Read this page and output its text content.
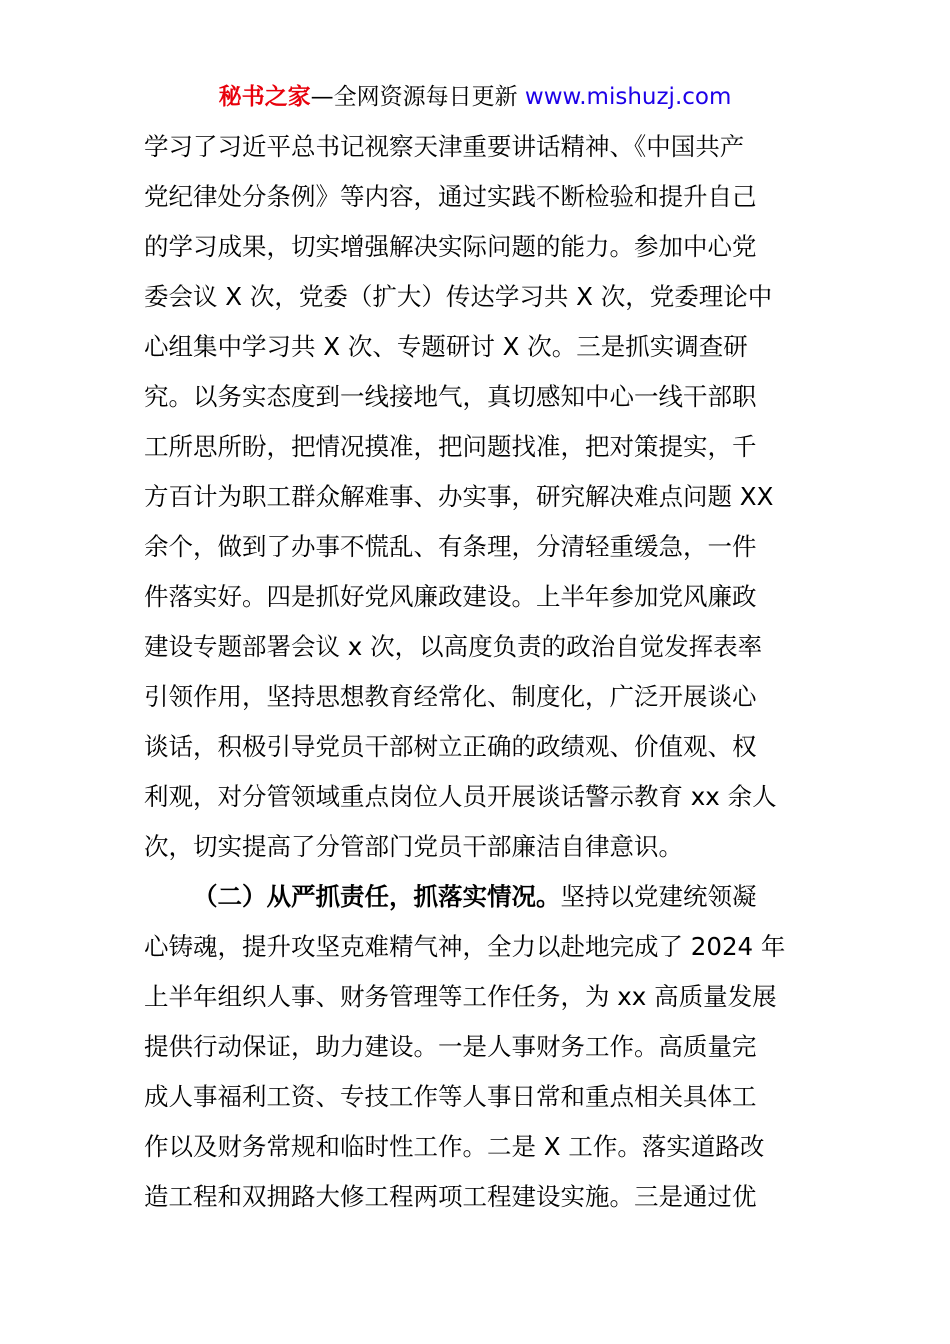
秘书之家—全网资源每日更新 www.mishuzj.com
学习了习近平总书记视察天津重要讲话精神、《中国共产
党纪律处分条例》等内容，通过实践不断检验和提升自己
的学习成果，切实增强解决实际问题的能力。参加中心党
委会议 X 次，党委（扩大）传达学习共 X 次，党委理论中
心组集中学习共 X 次、专题研讨 X 次。三是抓实调查研
究。以务实态度到一线接地气，真切感知中心一线干部职
工所思所盼，把情况摸准，把问题找准，把对策提实，千
方百计为职工群众解难事、办实事，研究解决难点问题 XX
余个，做到了办事不慌乱、有条理，分清轻重缓急，一件
件落实好。四是抓好党风廉政建设。上半年参加党风廉政
建设专题部署会议 x 次，以高度负责的政治自觉发挥表率
引领作用，坚持思想教育经常化、制度化，广泛开展谈心
谈话，积极引导党员干部树立正确的政绩观、价值观、权
利观，对分管领域重点岗位人员开展谈话警示教育 xx 余人
次，切实提高了分管部门党员干部廉洁自律意识。
（二）从严抓责任，抓落实情况。坚持以党建统领凝
心铸魂，提升攻坚克难精气神，全力以赴地完成了 2024 年
上半年组织人事、财务管理等工作任务，为 xx 高质量发展
提供行动保证，助力建设。一是人事财务工作。高质量完
成人事福利工资、专技工作等人事日常和重点相关具体工
作以及财务常规和临时性工作。二是 X 工作。落实道路改
造工程和双拥路大修工程两项工程建设实施。三是通过优
